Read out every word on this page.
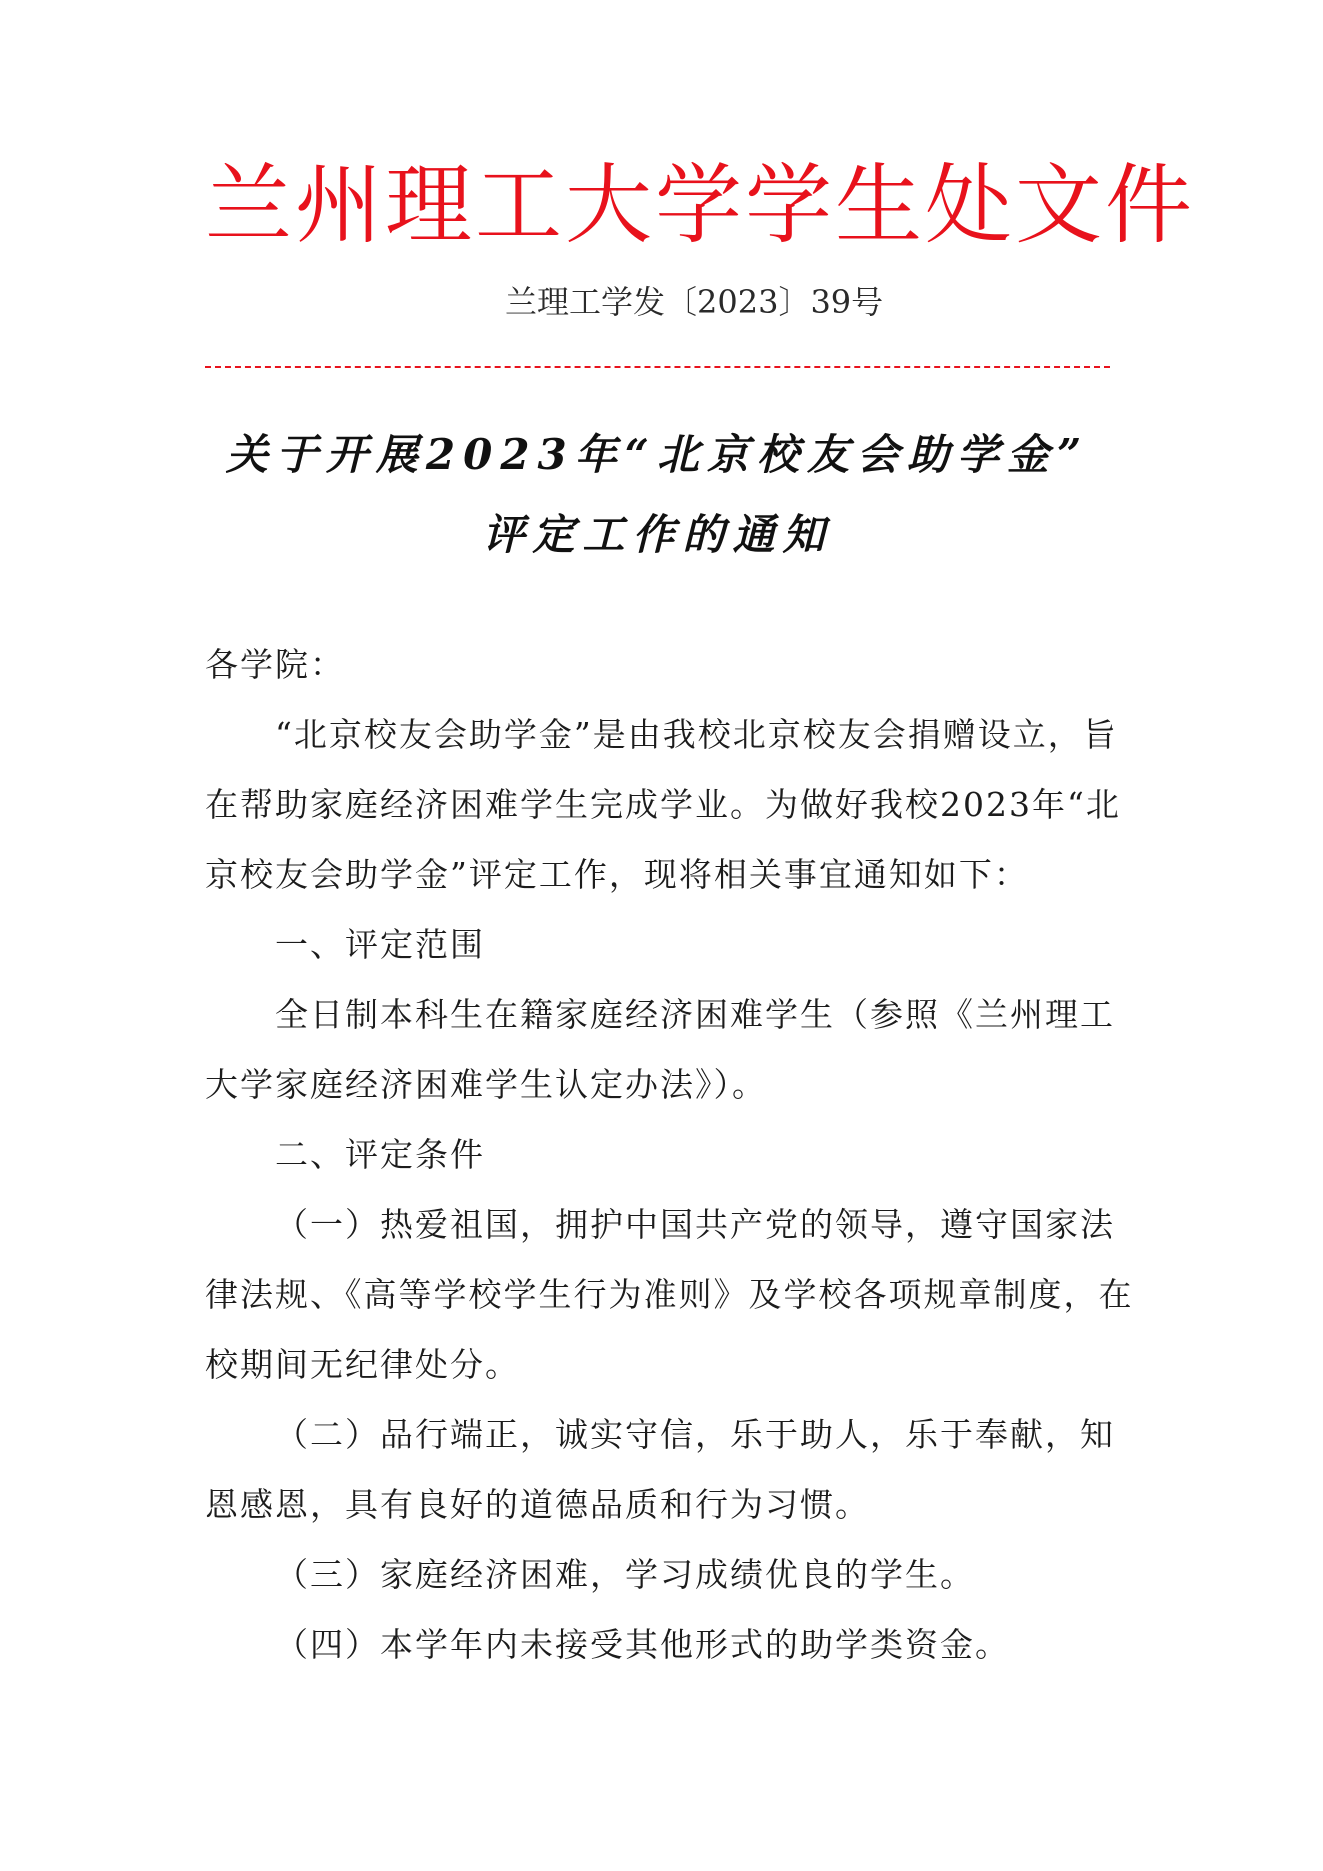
兰州理工大学学生处文件
兰理工学发〔2023〕39号
关于开展2023年“北京校友会助学金”
评定工作的通知

各学院：

“北京校友会助学金”是由我校北京校友会捐赠设立，旨在帮助家庭经济困难学生完成学业。为做好我校2023年“北京校友会助学金”评定工作，现将相关事宜通知如下：

一、评定范围

全日制本科生在籍家庭经济困难学生（参照《兰州理工大学家庭经济困难学生认定办法》）。

二、评定条件

（一）热爱祖国，拥护中国共产党的领导，遵守国家法律法规、《高等学校学生行为准则》及学校各项规章制度，在校期间无纪律处分。

（二）品行端正，诚实守信，乐于助人，乐于奉献，知恩感恩，具有良好的道德品质和行为习惯。

（三）家庭经济困难，学习成绩优良的学生。

（四）本学年内未接受其他形式的助学类资金。
